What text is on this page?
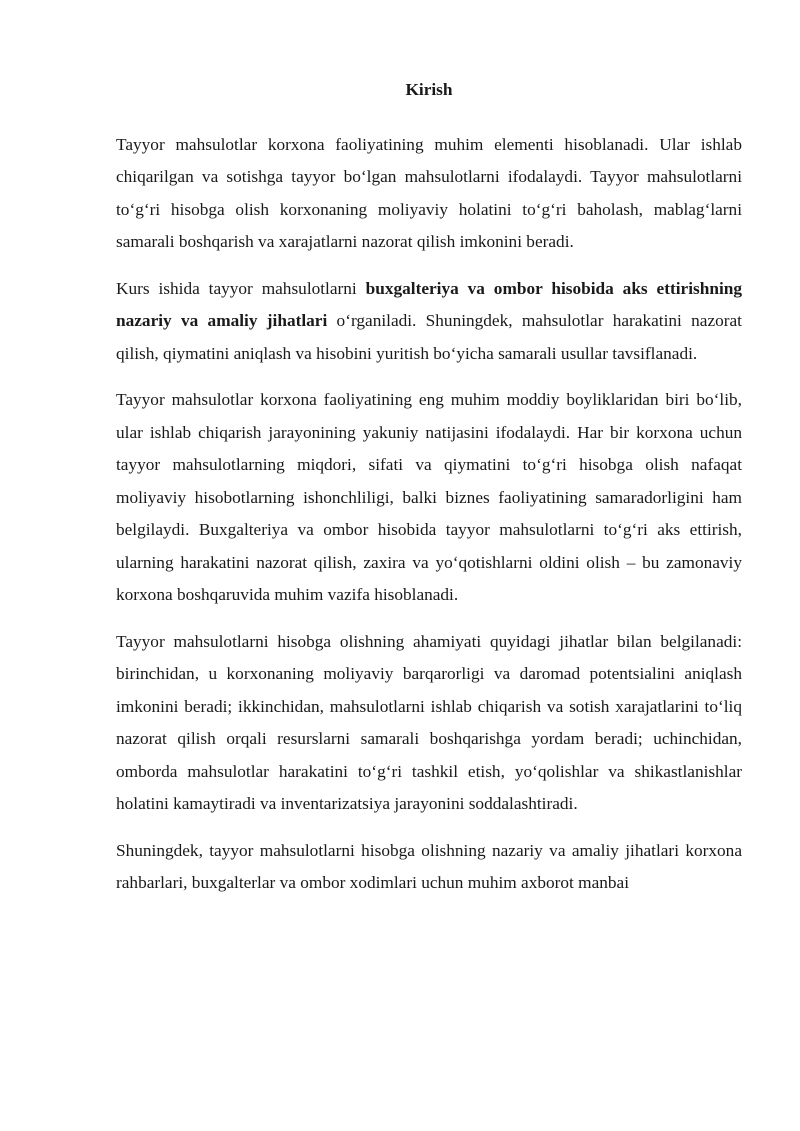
Kirish

Tayyor mahsulotlar korxona faoliyatining muhim elementi hisoblanadi. Ular ishlab chiqarilgan va sotishga tayyor bo‘lgan mahsulotlarni ifodalaydi. Tayyor mahsulotlarni to‘g‘ri hisobga olish korxonaning moliyaviy holatini to‘g‘ri baholash, mablag‘larni samarali boshqarish va xarajatlarni nazorat qilish imkonini beradi.

Kurs ishida tayyor mahsulotlarni buxgalteriya va ombor hisobida aks ettirishning nazariy va amaliy jihatlari o‘rganiladi. Shuningdek, mahsulotlar harakatini nazorat qilish, qiymatini aniqlash va hisobini yuritish bo‘yicha samarali usullar tavsiflanadi.

Tayyor mahsulotlar korxona faoliyatining eng muhim moddiy boyliklaridan biri bo‘lib, ular ishlab chiqarish jarayonining yakuniy natijasini ifodalaydi. Har bir korxona uchun tayyor mahsulotlarning miqdori, sifati va qiymatini to‘g‘ri hisobga olish nafaqat moliyaviy hisobotlarning ishonchliligi, balki biznes faoliyatining samaradorligini ham belgilaydi. Buxgalteriya va ombor hisobida tayyor mahsulotlarni to‘g‘ri aks ettirish, ularning harakatini nazorat qilish, zaxira va yo‘qotishlarni oldini olish – bu zamonaviy korxona boshqaruvida muhim vazifa hisoblanadi.

Tayyor mahsulotlarni hisobga olishning ahamiyati quyidagi jihatlar bilan belgilanadi: birinchidan, u korxonaning moliyaviy barqarorligi va daromad potentsialini aniqlash imkonini beradi; ikkinchidan, mahsulotlarni ishlab chiqarish va sotish xarajatlarini to‘liq nazorat qilish orqali resurslarni samarali boshqarishga yordam beradi; uchinchidan, omborda mahsulotlar harakatini to‘g‘ri tashkil etish, yo‘qolishlar va shikastlanishlar holatini kamaytiradi va inventarizatsiya jarayonini soddalashtiradi.

Shuningdek, tayyor mahsulotlarni hisobga olishning nazariy va amaliy jihatlari korxona rahbarlari, buxgalterlar va ombor xodimlari uchun muhim axborot manbai
